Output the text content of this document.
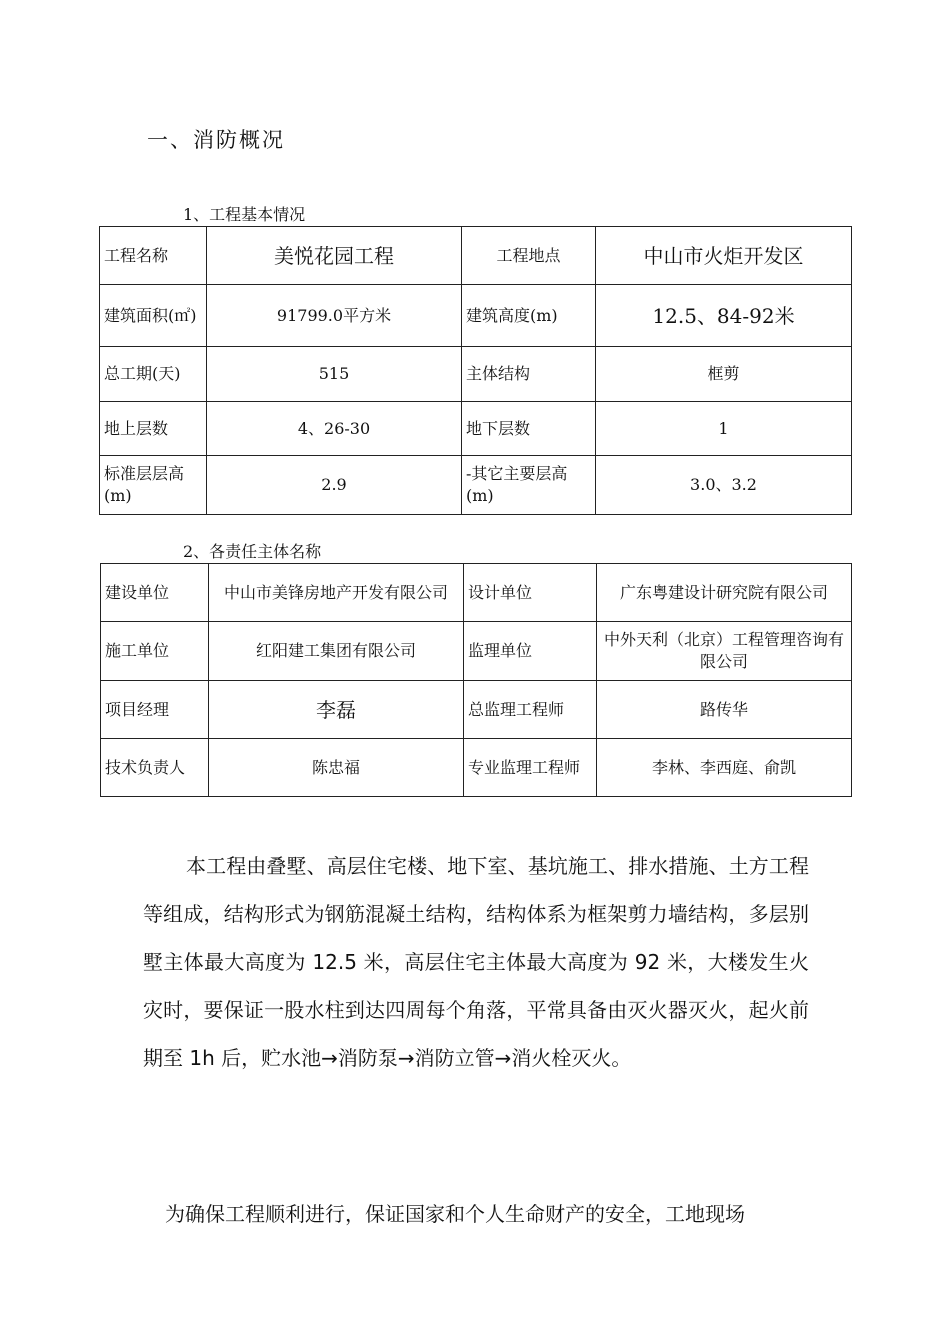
一、消防概况
1、工程基本情况
工程名称	美悦花园工程	工程地点	中山市火炬开发区
建筑面积(㎡)	91799.0平方米	建筑高度(m)	12.5、84-92米
总工期(天)	515	主体结构	框剪
地上层数	4、26-30	地下层数	1
标准层层高(m)	2.9	-其它主要层高(m)	3.0、3.2
2、各责任主体名称
建设单位	中山市美锋房地产开发有限公司	设计单位	广东粤建设计研究院有限公司
施工单位	红阳建工集团有限公司	监理单位	中外天利（北京）工程管理咨询有限公司
项目经理	李磊	总监理工程师	路传华
技术负责人	陈忠福	专业监理工程师	李林、李西庭、俞凯
本工程由叠墅、高层住宅楼、地下室、基坑施工、排水措施、土方工程等组成，结构形式为钢筋混凝土结构，结构体系为框架剪力墙结构，多层别墅主体最大高度为 12.5 米，高层住宅主体最大高度为 92 米，大楼发生火灾时，要保证一股水柱到达四周每个角落，平常具备由灭火器灭火，起火前期至 1h 后，贮水池→消防泵→消防立管→消火栓灭火。
为确保工程顺利进行，保证国家和个人生命财产的安全，工地现场
